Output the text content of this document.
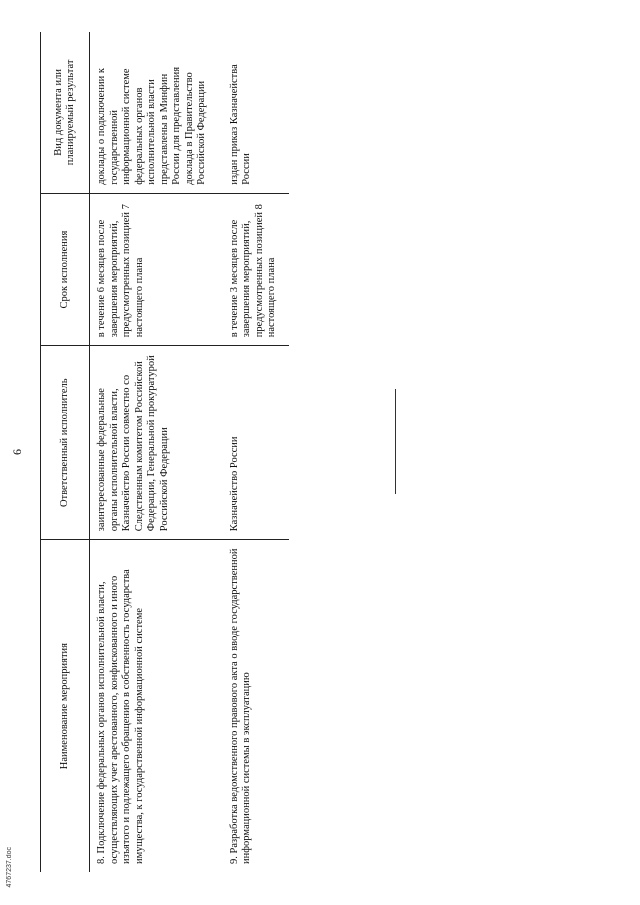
6
Наименование мероприятия	Ответственный исполнитель	Срок исполнения	Вид документа или планируемый результат
8. Подключение федеральных органов исполнительной власти, осуществляющих учет арестованного, конфискованного и иного изъятого и подлежащего обращению в собственность государства имущества, к государственной информационной системе	заинтересованные федеральные органы исполнительной власти, Казначейство России совместно со Следственным комитетом Российской Федерации, Генеральной прокуратурой Российской Федерации	в течение 6 месяцев после завершения мероприятий, предусмотренных позицией 7 настоящего плана	доклады о подключении к государственной информационной системе федеральных органов исполнительной власти представлены в Минфин России для представления доклада в Правительство Российской Федерации
9. Разработка ведомственного правового акта о вводе государственной информационной системы в эксплуатацию	Казначейство России	в течение 3 месяцев после завершения мероприятий, предусмотренных позицией 8 настоящего плана	издан приказ Казначейства России
4767237.doc
